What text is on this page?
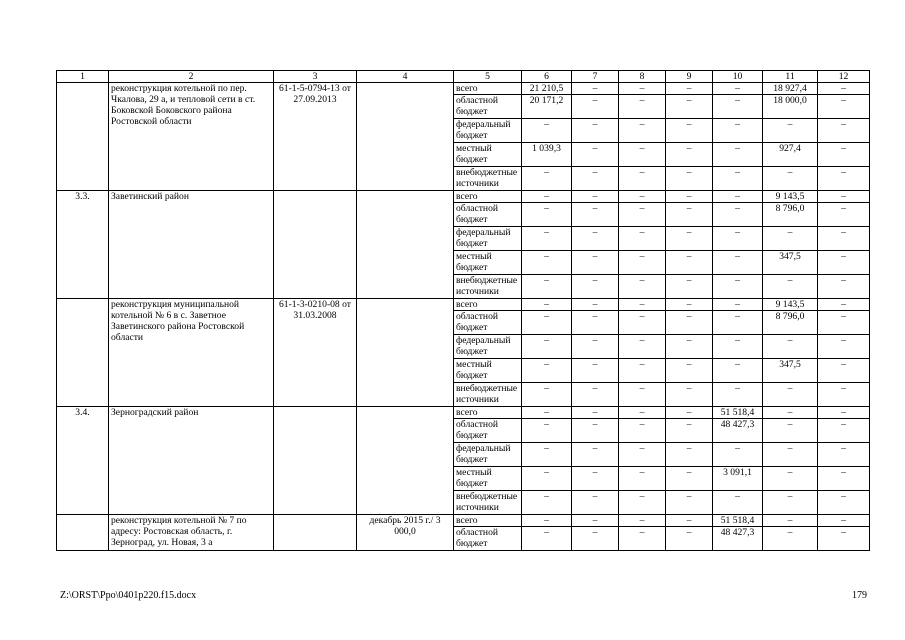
1	2	3	4	5	6	7	8	9	10	11	12
	реконструкция котельной по пер. Чкалова, 29 а, и тепловой сети в ст. Боковской Боковского района Ростовской области	61-1-5-0794-13 от 27.09.2013		всего	21 210,5	–	–	–	–	18 927,4	–
				областной бюджет	20 171,2	–	–	–	–	18 000,0	–
				федеральный бюджет	–	–	–	–	–	–	–
				местный бюджет	1 039,3	–	–	–	–	927,4	–
				внебюджетные источники	–	–	–	–	–	–	–
3.3.	Заветинский район			всего	–	–	–	–	–	9 143,5	–
				областной бюджет	–	–	–	–	–	8 796,0	–
				федеральный бюджет	–	–	–	–	–	–	–
				местный бюджет	–	–	–	–	–	347,5	–
				внебюджетные источники	–	–	–	–	–	–	–
	реконструкция муниципальной котельной № 6 в с. Заветное Заветинского района Ростовской области	61-1-3-0210-08 от 31.03.2008		всего	–	–	–	–	–	9 143,5	–
				областной бюджет	–	–	–	–	–	8 796,0	–
				федеральный бюджет	–	–	–	–	–	–	–
				местный бюджет	–	–	–	–	–	347,5	–
				внебюджетные источники	–	–	–	–	–	–	–
3.4.	Зерноградский район			всего	–	–	–	–	51 518,4	–	–
				областной бюджет	–	–	–	–	48 427,3	–	–
				федеральный бюджет	–	–	–	–	–	–	–
				местный бюджет	–	–	–	–	3 091,1	–	–
				внебюджетные источники	–	–	–	–	–	–	–
	реконструкция котельной № 7 по адресу: Ростовская область, г. Зерноград, ул. Новая, 3 а		декабрь 2015 г./ 3 000,0	всего	–	–	–	–	51 518,4	–	–
				областной бюджет	–	–	–	–	48 427,3	–	–
Z:\ORST\Ppo\0401p220.f15.docx	179
